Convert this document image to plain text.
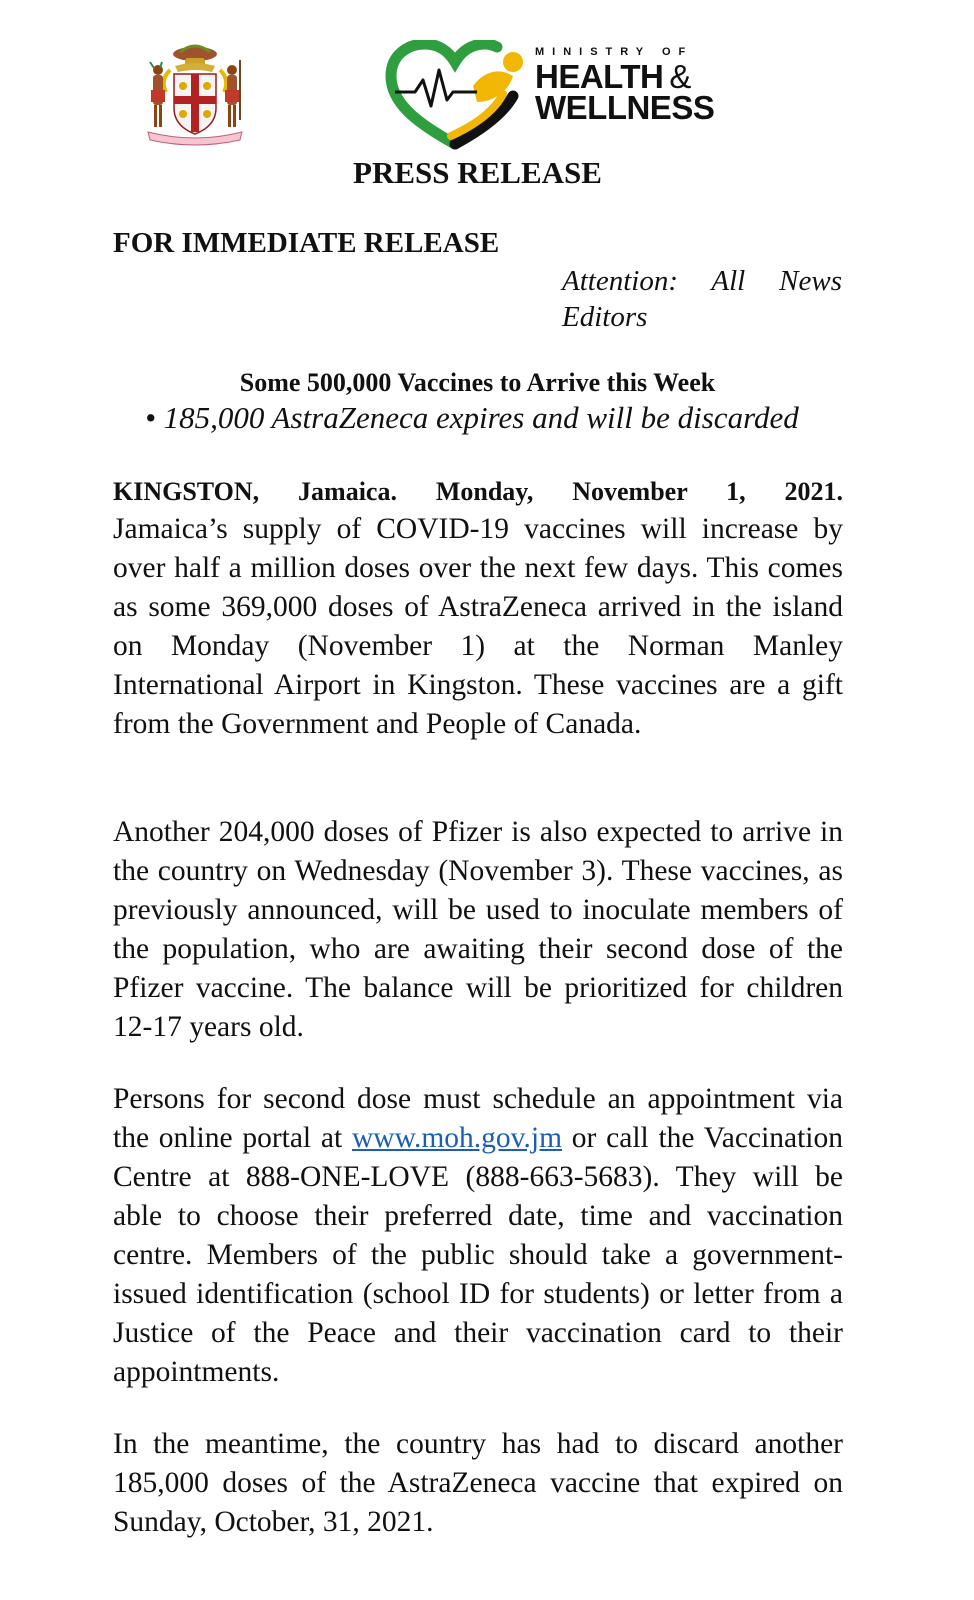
MINISTRY OF
HEALTH &
WELLNESS
PRESS RELEASE
FOR IMMEDIATE RELEASE
Attention: All News
Editors
Some 500,000 Vaccines to Arrive this Week
• 185,000 AstraZeneca expires and will be discarded
KINGSTON, Jamaica. Monday, November 1, 2021.
Jamaica’s supply of COVID-19 vaccines will increase by over half a million doses over the next few days. This comes as some 369,000 doses of AstraZeneca arrived in the island on Monday (November 1) at the Norman Manley International Airport in Kingston. These vaccines are a gift from the Government and People of Canada.
Another 204,000 doses of Pfizer is also expected to arrive in the country on Wednesday (November 3). These vaccines, as previously announced, will be used to inoculate members of the population, who are awaiting their second dose of the Pfizer vaccine. The balance will be prioritized for children 12-17 years old.
Persons for second dose must schedule an appointment via the online portal at www.moh.gov.jm or call the Vaccination Centre at 888-ONE-LOVE (888-663-5683). They will be able to choose their preferred date, time and vaccination centre. Members of the public should take a government-issued identification (school ID for students) or letter from a Justice of the Peace and their vaccination card to their appointments.
In the meantime, the country has had to discard another 185,000 doses of the AstraZeneca vaccine that expired on Sunday, October, 31, 2021.
